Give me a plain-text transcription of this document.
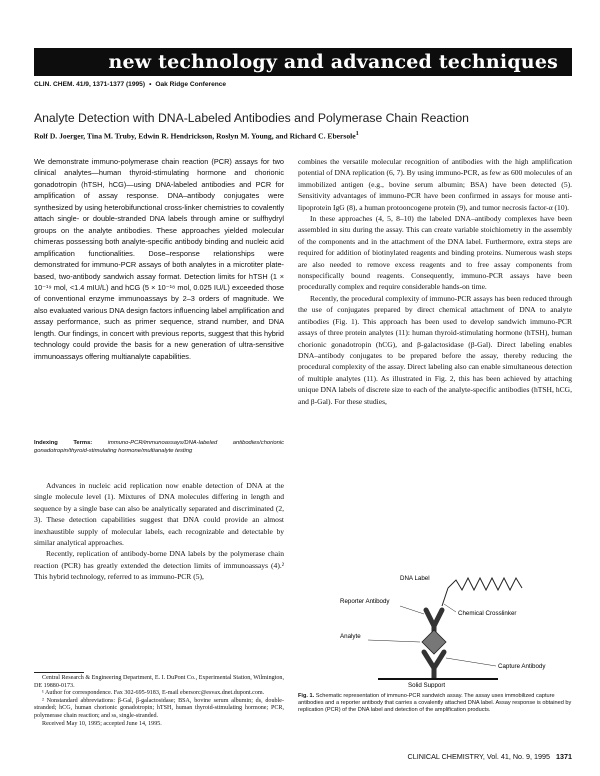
new technology and advanced techniques
CLIN. CHEM. 41/9, 1371-1377 (1995) • Oak Ridge Conference
Analyte Detection with DNA-Labeled Antibodies and Polymerase Chain Reaction
Rolf D. Joerger, Tina M. Truby, Edwin R. Hendrickson, Roslyn M. Young, and Richard C. Ebersole$^1$
We demonstrate immuno-polymerase chain reaction (PCR) assays for two clinical analytes—human thyroid-stimulating hormone and chorionic gonadotropin (hTSH, hCG)—using DNA-labeled antibodies and PCR for amplification of assay response. DNA–antibody conjugates were synthesized by using heterobifunctional cross-linker chemistries to covalently attach single- or double-stranded DNA labels through amine or sulfhydryl groups on the analyte antibodies. These approaches yielded molecular chimeras possessing both analyte-specific antibody binding and nucleic acid amplification functionalities. Dose–response relationships were demonstrated for immuno-PCR assays of both analytes in a microtiter plate-based, two-antibody sandwich assay format. Detection limits for hTSH (1 × 10⁻¹⁹ mol, <1.4 mIU/L) and hCG (5 × 10⁻¹⁸ mol, 0.025 IU/L) exceeded those of conventional enzyme immunoassays by 2–3 orders of magnitude. We also evaluated various DNA design factors influencing label amplification and assay performance, such as primer sequence, strand number, and DNA length. Our findings, in concert with previous reports, suggest that this hybrid technology could provide the basis for a new generation of ultra-sensitive immunoassays offering multianalyte capabilities.
Indexing Terms:	immuno-PCR/immunoassays/DNA-labeled antibodies/chorionic gonadotropin/thyroid-stimulating hormone/multianalyte testing

Advances in nucleic acid replication now enable detection of DNA at the single molecule level (1). Mixtures of DNA molecules differing in length and sequence by a single base can also be analytically separated and discriminated (2, 3). These detection capabilities suggest that DNA could provide an almost inexhaustible supply of molecular labels, each recognizable and detectable by similar analytical approaches.

Recently, replication of antibody-borne DNA labels by the polymerase chain reaction (PCR) has greatly extended the detection limits of immunoassays (4).² This hybrid technology, referred to as immuno-PCR (5),

Central Research & Engineering Department, E. I. DuPont Co., Experimental Station, Wilmington, DE 19880-0173.

¹ Author for correspondence. Fax 302-695-9183, E-mail ebersorc@esvax.dnet.dupont.com.

² Nonstandard abbreviations: β-Gal, β-galactosidase; BSA, bovine serum albumin; ds, double-stranded; hCG, human chorionic gonadotropin; hTSH, human thyroid-stimulating hormone; PCR, polymerase chain reaction; and ss, single-stranded.

Received May 10, 1995; accepted June 14, 1995.

combines the versatile molecular recognition of antibodies with the high amplification potential of DNA replication (6, 7). By using immuno-PCR, as few as 600 molecules of an immobilized antigen (e.g., bovine serum albumin; BSA) have been detected (5). Sensitivity advantages of immuno-PCR have been confirmed in assays for mouse anti-lipoprotein IgG (8), a human protooncogene protein (9), and tumor necrosis factor-α (10).

In these approaches (4, 5, 8–10) the labeled DNA–antibody complexes have been assembled in situ during the assay. This can create variable stoichiometry in the assembly of the components and in the attachment of the DNA label. Furthermore, extra steps are required for addition of biotinylated reagents and binding proteins. Numerous wash steps are also needed to remove excess reagents and to free assay components from nonspecifically bound reagents. Consequently, immuno-PCR assays have been procedurally complex and require considerable hands-on time.

Recently, the procedural complexity of immuno-PCR assays has been reduced through the use of conjugates prepared by direct chemical attachment of DNA to analyte antibodies (Fig. 1). This approach has been used to develop sandwich immuno-PCR assays of three protein analytes (11): human thyroid-stimulating hormone (hTSH), human chorionic gonadotropin (hCG), and β-galactosidase (β-Gal). Direct labeling enables DNA–antibody conjugates to be prepared before the assay, thereby reducing the procedural complexity of the assay. Direct labeling also can enable simultaneous detection of multiple analytes (11). As illustrated in Fig. 2, this has been achieved by attaching unique DNA labels of discrete size to each of the analyte-specific antibodies (hTSH, hCG, and β-Gal). For these studies,

DNA Label
Reporter Antibody
Chemical Crosslinker
Analyte
Capture Antibody
Solid Support
Fig. 1. Schematic representation of immuno-PCR sandwich assay. The assay uses immobilized capture antibodies and a reporter antibody that carries a covalently attached DNA label. Assay response is obtained by replication (PCR) of the DNA label and detection of the amplification products.
CLINICAL CHEMISTRY, Vol. 41, No. 9, 1995 1371
